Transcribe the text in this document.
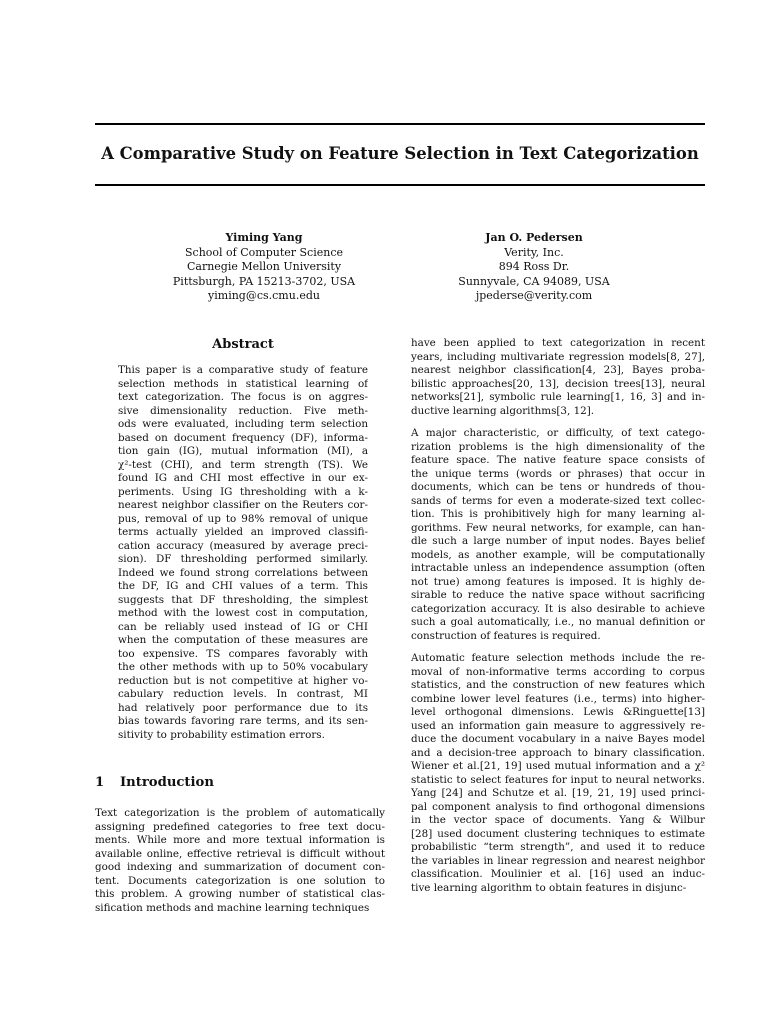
A Comparative Study on Feature Selection in Text Categorization
Yiming Yang
School of Computer Science
Carnegie Mellon University
Pittsburgh, PA 15213-3702, USA
yiming@cs.cmu.edu
Jan O. Pedersen
Verity, Inc.
894 Ross Dr.
Sunnyvale, CA 94089, USA
jpederse@verity.com
Abstract
This paper is a comparative study of feature
selection methods in statistical learning of
text categorization. The focus is on aggres-
sive dimensionality reduction. Five meth-
ods were evaluated, including term selection
based on document frequency (DF), informa-
tion gain (IG), mutual information (MI), a
χ²-test (CHI), and term strength (TS). We
found IG and CHI most effective in our ex-
periments. Using IG thresholding with a k-
nearest neighbor classifier on the Reuters cor-
pus, removal of up to 98% removal of unique
terms actually yielded an improved classifi-
cation accuracy (measured by average preci-
sion). DF thresholding performed similarly.
Indeed we found strong correlations between
the DF, IG and CHI values of a term. This
suggests that DF thresholding, the simplest
method with the lowest cost in computation,
can be reliably used instead of IG or CHI
when the computation of these measures are
too expensive. TS compares favorably with
the other methods with up to 50% vocabulary
reduction but is not competitive at higher vo-
cabulary reduction levels. In contrast, MI
had relatively poor performance due to its
bias towards favoring rare terms, and its sen-
sitivity to probability estimation errors.
1 Introduction
Text categorization is the problem of automatically
assigning predefined categories to free text docu-
ments. While more and more textual information is
available online, effective retrieval is difficult without
good indexing and summarization of document con-
tent. Documents categorization is one solution to
this problem. A growing number of statistical clas-
sification methods and machine learning techniques
have been applied to text categorization in recent
years, including multivariate regression models[8, 27],
nearest neighbor classification[4, 23], Bayes proba-
bilistic approaches[20, 13], decision trees[13], neural
networks[21], symbolic rule learning[1, 16, 3] and in-
ductive learning algorithms[3, 12].
A major characteristic, or difficulty, of text catego-
rization problems is the high dimensionality of the
feature space. The native feature space consists of
the unique terms (words or phrases) that occur in
documents, which can be tens or hundreds of thou-
sands of terms for even a moderate-sized text collec-
tion. This is prohibitively high for many learning al-
gorithms. Few neural networks, for example, can han-
dle such a large number of input nodes. Bayes belief
models, as another example, will be computationally
intractable unless an independence assumption (often
not true) among features is imposed. It is highly de-
sirable to reduce the native space without sacrificing
categorization accuracy. It is also desirable to achieve
such a goal automatically, i.e., no manual definition or
construction of features is required.
Automatic feature selection methods include the re-
moval of non-informative terms according to corpus
statistics, and the construction of new features which
combine lower level features (i.e., terms) into higher-
level orthogonal dimensions. Lewis &Ringuette[13]
used an information gain measure to aggressively re-
duce the document vocabulary in a naive Bayes model
and a decision-tree approach to binary classification.
Wiener et al.[21, 19] used mutual information and a χ²
statistic to select features for input to neural networks.
Yang [24] and Schutze et al. [19, 21, 19] used princi-
pal component analysis to find orthogonal dimensions
in the vector space of documents. Yang & Wilbur
[28] used document clustering techniques to estimate
probabilistic “term strength”, and used it to reduce
the variables in linear regression and nearest neighbor
classification. Moulinier et al. [16] used an induc-
tive learning algorithm to obtain features in disjunc-
